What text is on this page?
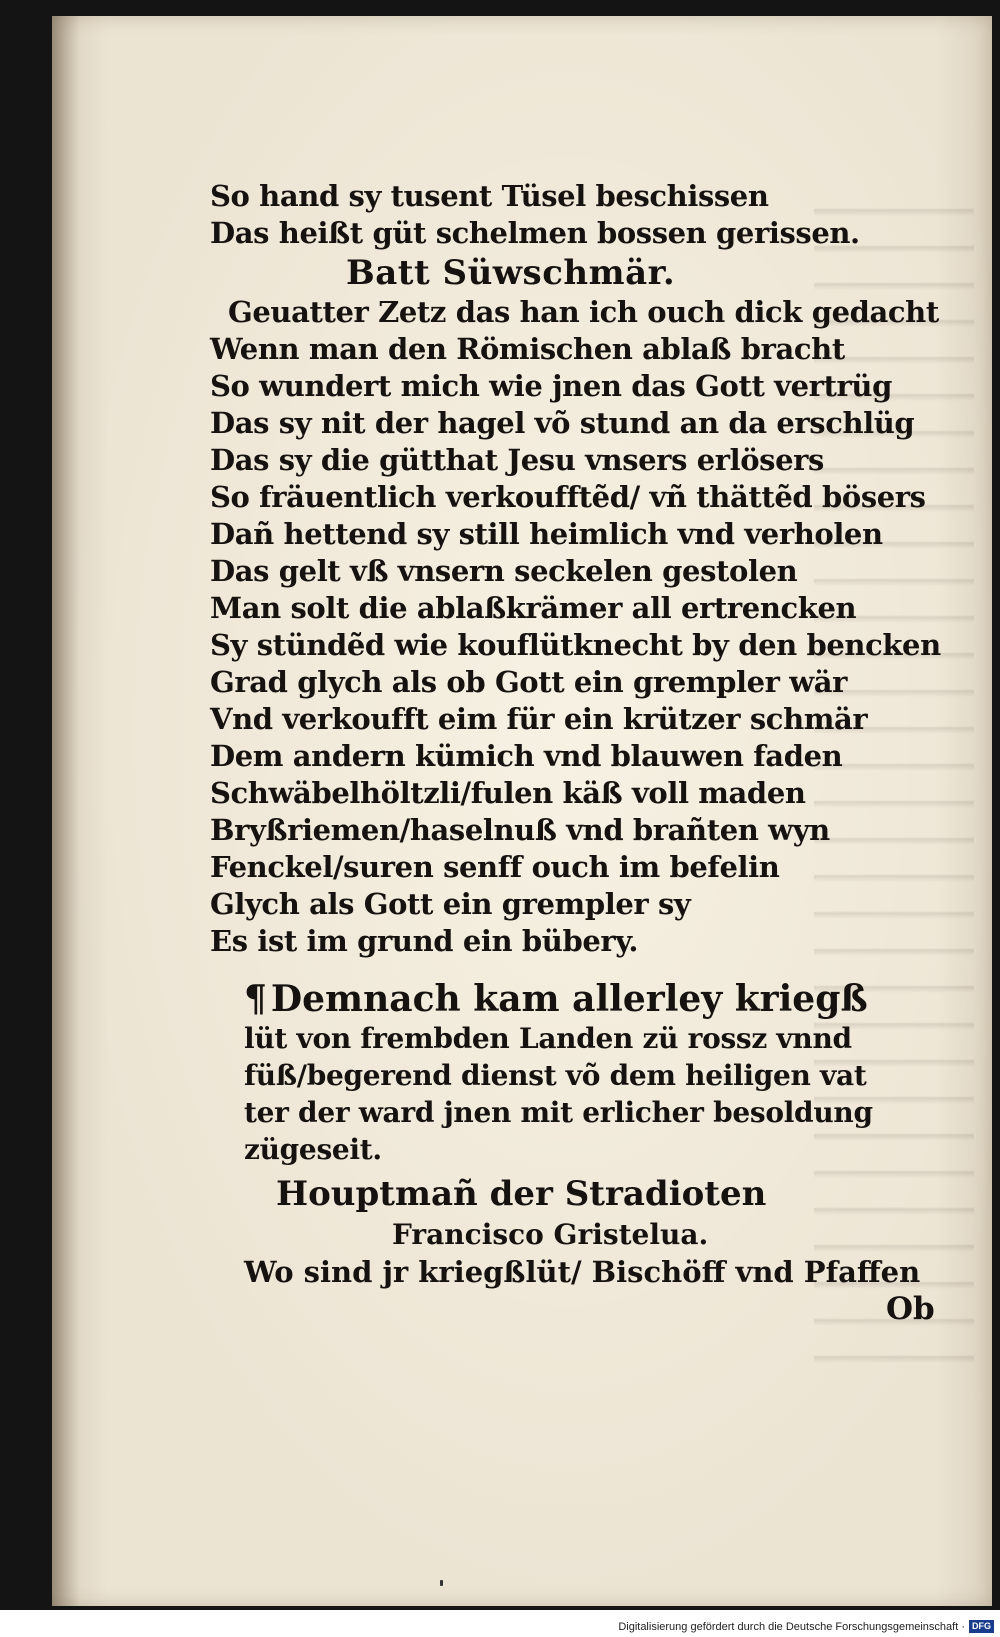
So hand sy tusent Tüsel beschissen
Das heißt güt schelmen bossen gerissen.
Batt Süwschmär.
Geuatter Zetz das han ich ouch dick gedacht
Wenn man den Römischen ablaß bracht
So wundert mich wie jnen das Gott vertrüg
Das sy nit der hagel võ stund an da erschlüg
Das sy die gütthat Jesu vnsers erlösers
So fräuentlich verkoufftẽd/ vñ thättẽd bösers
Dañ hettend sy still heimlich vnd verholen
Das gelt vß vnsern seckelen gestolen
Man solt die ablaßkrämer all ertrencken
Sy stündẽd wie kouflütknecht by den bencken
Grad glych als ob Gott ein grempler wär
Vnd verkoufft eim für ein krützer schmär
Dem andern kümich vnd blauwen faden
Schwäbelhöltzli/fulen käß voll maden
Bryßriemen/haselnuß vnd brañten wyn
Fenckel/suren senff ouch im befelin
Glych als Gott ein grempler sy
Es ist im grund ein bübery.
¶ Demnach kam allerley kriegß
lüt von frembden Landen zü rossz vnnd
füß/begerend dienst võ dem heiligen vat
ter der ward jnen mit erlicher besoldung
zügeseit.
Houptmañ der Stradioten
Francisco Gristelua.
Wo sind jr kriegßlüt/ Bischöff vnd Pfaffen
Ob
Digitalisierung gefördert durch die Deutsche Forschungsgemeinschaft · DFG
